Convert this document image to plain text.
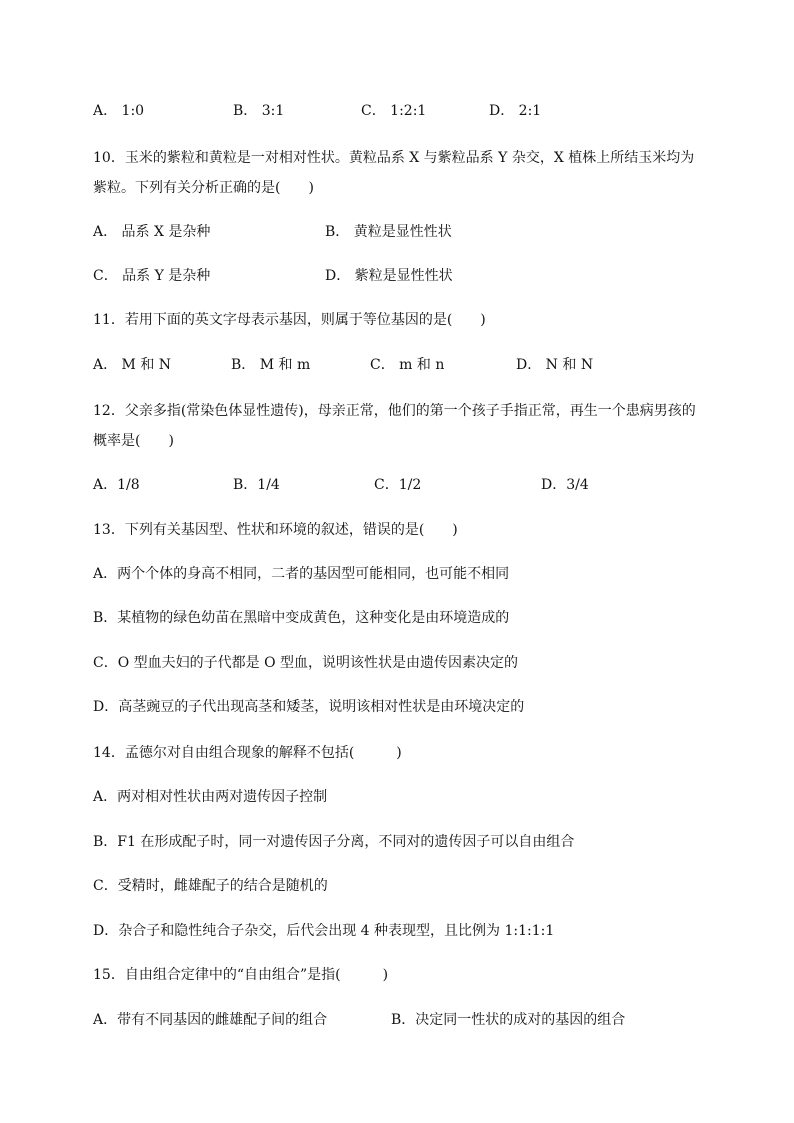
A． 1:0	B． 3:1	C． 1:2:1	D． 2:1
10．玉米的紫粒和黄粒是一对相对性状。黄粒品系 X 与紫粒品系 Y 杂交，X 植株上所结玉米均为紫粒。下列有关分析正确的是(　　)
A． 品系 X 是杂种	B． 黄粒是显性性状
C． 品系 Y 是杂种	D． 紫粒是显性性状
11．若用下面的英文字母表示基因，则属于等位基因的是(　　)
A． M 和 N	B． M 和 m	C． m 和 n	D． N 和 N
12．父亲多指(常染色体显性遗传)，母亲正常，他们的第一个孩子手指正常，再生一个患病男孩的概率是(　　)
A．1/8	B．1/4	C．1/2	D．3/4
13．下列有关基因型、性状和环境的叙述，错误的是(　　)
A．两个个体的身高不相同，二者的基因型可能相同，也可能不相同
B．某植物的绿色幼苗在黑暗中变成黄色，这种变化是由环境造成的
C．O 型血夫妇的子代都是 O 型血，说明该性状是由遗传因素决定的
D．高茎豌豆的子代出现高茎和矮茎，说明该相对性状是由环境决定的
14．孟德尔对自由组合现象的解释不包括(　　　)
A．两对相对性状由两对遗传因子控制
B．F1 在形成配子时，同一对遗传因子分离，不同对的遗传因子可以自由组合
C．受精时，雌雄配子的结合是随机的
D．杂合子和隐性纯合子杂交，后代会出现 4 种表现型，且比例为 1:1:1:1
15．自由组合定律中的“自由组合”是指(　　　)
A．带有不同基因的雌雄配子间的组合	B．决定同一性状的成对的基因的组合
